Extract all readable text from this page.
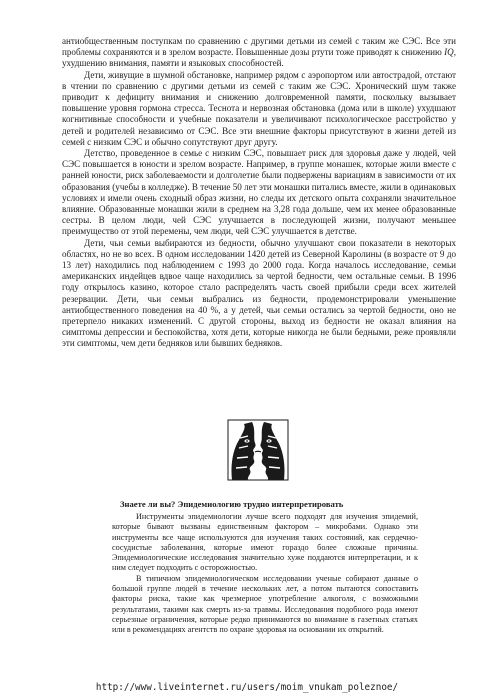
антиобщественным поступкам по сравнению с другими детьми из семей с таким же СЭС. Все эти проблемы сохраняются и в зрелом возрасте. Повышенные дозы ртути тоже приводят к снижению IQ, ухудшению внимания, памяти и языковых способностей.

Дети, живущие в шумной обстановке, например рядом с аэропортом или автострадой, отстают в чтении по сравнению с другими детьми из семей с таким же СЭС. Хронический шум также приводит к дефициту внимания и снижению долговременной памяти, поскольку вызывает повышение уровня гормона стресса. Теснота и нервозная обстановка (дома или в школе) ухудшают когнитивные способности и учебные показатели и увеличивают психологическое расстройство у детей и родителей независимо от СЭС. Все эти внешние факторы присутствуют в жизни детей из семей с низким СЭС и обычно сопутствуют друг другу.

Детство, проведенное в семье с низким СЭС, повышает риск для здоровья даже у людей, чей СЭС повышается в юности и зрелом возрасте. Например, в группе монашек, которые жили вместе с ранней юности, риск заболеваемости и долголетие были подвержены вариациям в зависимости от их образования (учебы в колледже). В течение 50 лет эти монашки питались вместе, жили в одинаковых условиях и имели очень сходный образ жизни, но следы их детского опыта сохраняли значительное влияние. Образованные монашки жили в среднем на 3,28 года дольше, чем их менее образованные сестры. В целом люди, чей СЭС улучшается в последующей жизни, получают меньшее преимущество от этой перемены, чем люди, чей СЭС улучшается в детстве.

Дети, чьи семьи выбираются из бедности, обычно улучшают свои показатели в некоторых областях, но не во всех. В одном исследовании 1420 детей из Северной Каролины (в возрасте от 9 до 13 лет) находились под наблюдением с 1993 до 2000 года. Когда началось исследование, семьи американских индейцев вдвое чаще находились за чертой бедности, чем остальные семьи. В 1996 году открылось казино, которое стало распределять часть своей прибыли среди всех жителей резервации. Дети, чьи семьи выбрались из бедности, продемонстрировали уменьшение антиобщественного поведения на 40 %, а у детей, чьи семьи остались за чертой бедности, оно не претерпело никаких изменений. С другой стороны, выход из бедности не оказал влияния на симптомы депрессии и беспокойства, хотя дети, которые никогда не были бедными, реже проявляли эти симптомы, чем дети бедняков или бывших бедняков.

Знаете ли вы? Эпидемиологию трудно интерпретировать

Инструменты эпидемиологии лучше всего подходят для изучения эпидемий, которые бывают вызваны единственным фактором – микробами. Однако эти инструменты все чаще используются для изучения таких состояний, как сердечно-сосудистые заболевания, которые имеют гораздо более сложные причины. Эпидемиологические исследования значительно хуже поддаются интерпретации, и к ним следует подходить с осторожностью.

В типичном эпидемиологическом исследовании ученые собирают данные о большой группе людей в течение нескольких лет, а потом пытаются сопоставить факторы риска, такие как чрезмерное употребление алкоголя, с возможными результатами, такими как смерть из-за травмы. Исследования подобного рода имеют серьезные ограничения, которые редко принимаются во внимание в газетных статьях или в рекомендациях агентств по охране здоровья на основании их открытий.

http://www.liveinternet.ru/users/moim_vnukam_poleznoe/
